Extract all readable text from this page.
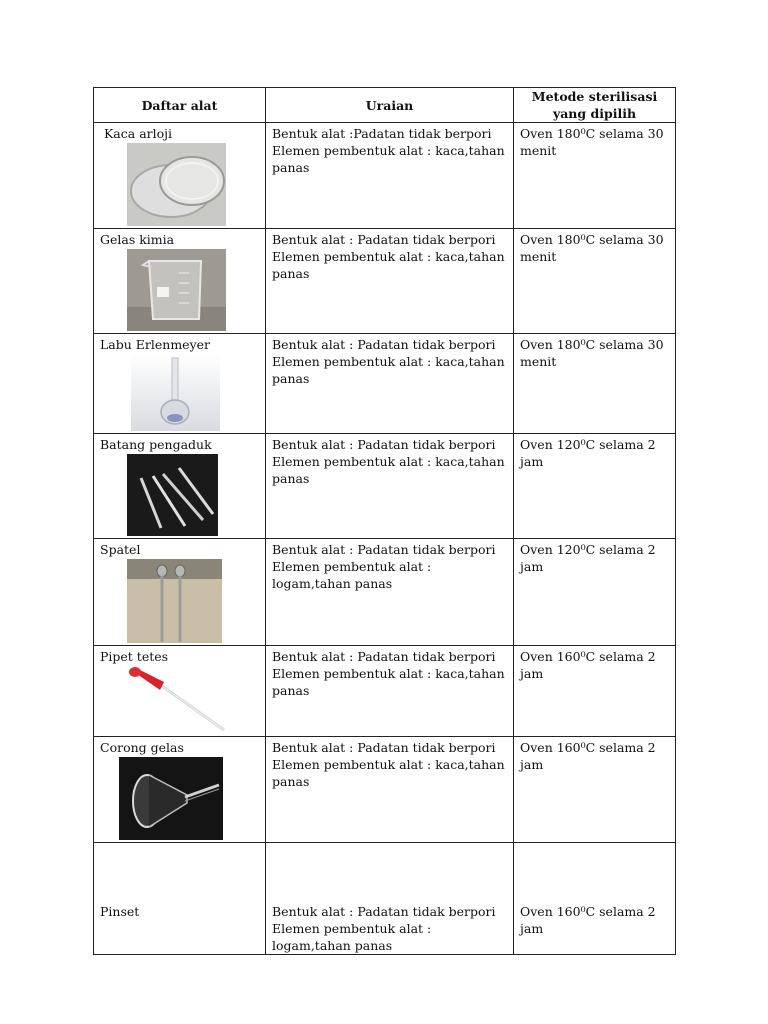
Daftar alat	Uraian	Metode sterilisasi
yang dipilih

Kaca arloji	Bentuk alat :Padatan tidak berpori
Elemen pembentuk alat : kaca,tahan
panas	Oven 180⁰C selama 30
menit

Gelas kimia	Bentuk alat : Padatan tidak berpori
Elemen pembentuk alat : kaca,tahan
panas	Oven 180⁰C selama 30
menit

Labu Erlenmeyer	Bentuk alat : Padatan tidak berpori
Elemen pembentuk alat : kaca,tahan
panas	Oven 180⁰C selama 30
menit

Batang pengaduk	Bentuk alat : Padatan tidak berpori
Elemen pembentuk alat : kaca,tahan
panas	Oven 120⁰C selama 2
jam

Spatel	Bentuk alat : Padatan tidak berpori
Elemen pembentuk alat :
logam,tahan panas	Oven 120⁰C selama 2
jam

Pipet tetes	Bentuk alat : Padatan tidak berpori
Elemen pembentuk alat : kaca,tahan
panas	Oven 160⁰C selama 2
jam

Corong gelas	Bentuk alat : Padatan tidak berpori
Elemen pembentuk alat : kaca,tahan
panas	Oven 160⁰C selama 2
jam

Pinset	Bentuk alat : Padatan tidak berpori
Elemen pembentuk alat :
logam,tahan panas	Oven 160⁰C selama 2
jam
